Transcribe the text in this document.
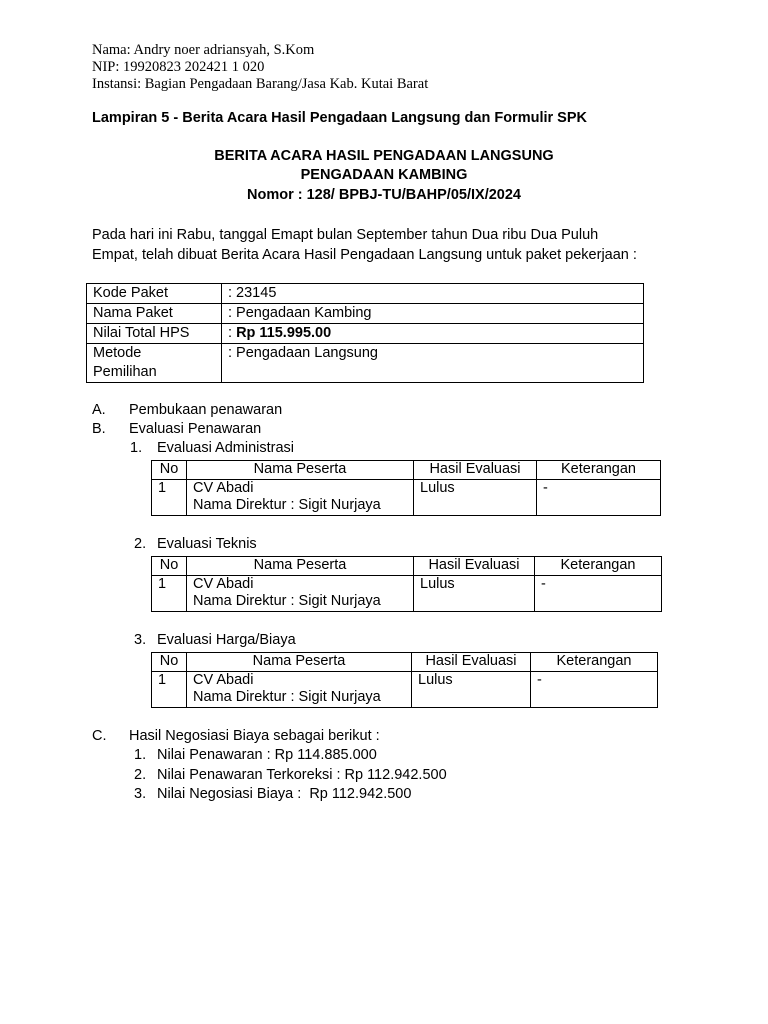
Nama: Andry noer adriansyah, S.Kom
NIP: 19920823 202421 1 020
Instansi: Bagian Pengadaan Barang/Jasa Kab. Kutai Barat
Lampiran 5 - Berita Acara Hasil Pengadaan Langsung dan Formulir SPK
BERITA ACARA HASIL PENGADAAN LANGSUNG
PENGADAAN KAMBING
Nomor : 128/ BPBJ-TU/BAHP/05/IX/2024
Pada hari ini Rabu, tanggal Emapt bulan September tahun Dua ribu Dua Puluh
Empat, telah dibuat Berita Acara Hasil Pengadaan Langsung untuk paket pekerjaan :
Kode Paket	: 23145
Nama Paket	: Pengadaan Kambing
Nilai Total HPS	: Rp 115.995.00

Metode
Pemilihan	: Pengadaan Langsung
A. Pembukaan penawaran
B. Evaluasi Penawaran
1. Evaluasi Administrasi
No	Nama Peserta	Hasil Evaluasi	Keterangan
1	CV Abadi
Nama Direktur : Sigit Nurjaya	Lulus	-
2. Evaluasi Teknis
No	Nama Peserta	Hasil Evaluasi	Keterangan
1	CV Abadi
Nama Direktur : Sigit Nurjaya	Lulus	-
3. Evaluasi Harga/Biaya
No	Nama Peserta	Hasil Evaluasi	Keterangan
1	CV Abadi
Nama Direktur : Sigit Nurjaya	Lulus	-
C. Hasil Negosiasi Biaya sebagai berikut :
1. Nilai Penawaran : Rp 114.885.000
2. Nilai Penawaran Terkoreksi : Rp 112.942.500
3. Nilai Negosiasi Biaya :  Rp 112.942.500
